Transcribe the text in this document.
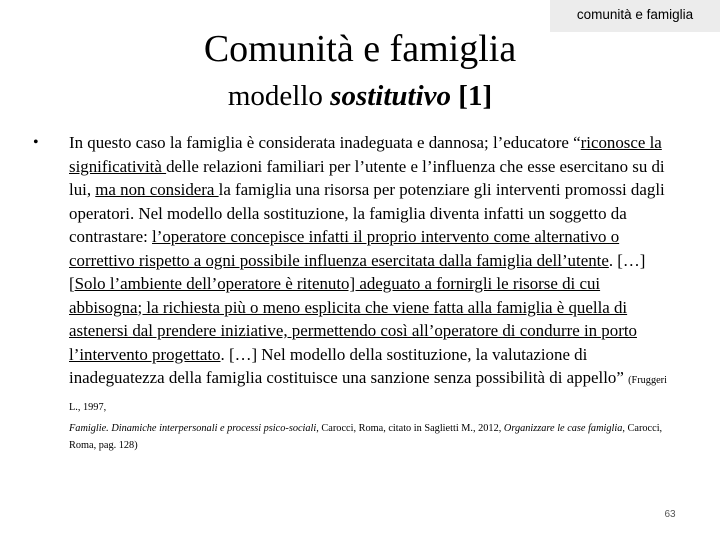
comunità e famiglia
Comunità e famiglia
modello sostitutivo [1]
• In questo caso la famiglia è considerata inadeguata e dannosa; l’educatore “riconosce la significatività delle relazioni familiari per l’utente e l’influenza che esse esercitano su di lui, ma non considera la famiglia una risorsa per potenziare gli interventi promossi dagli operatori. Nel modello della sostituzione, la famiglia diventa infatti un soggetto da contrastare: l’operatore concepisce infatti il proprio intervento come alternativo o correttivo rispetto a ogni possibile influenza esercitata dalla famiglia dell’utente. […] [Solo l’ambiente dell’operatore è ritenuto] adeguato a fornirgli le risorse di cui abbisogna; la richiesta più o meno esplicita che viene fatta alla famiglia è quella di astenersi dal prendere iniziative, permettendo così all’operatore di condurre in porto l’intervento progettato. […] Nel modello della sostituzione, la valutazione di inadeguatezza della famiglia costituisce una sanzione senza possibilità di appello” (Fruggeri L., 1997,
Famiglie. Dinamiche interpersonali e processi psico-sociali, Carocci, Roma, citato in Saglietti M., 2012, Organizzare le case famiglia, Carocci, Roma, pag. 128)
63
